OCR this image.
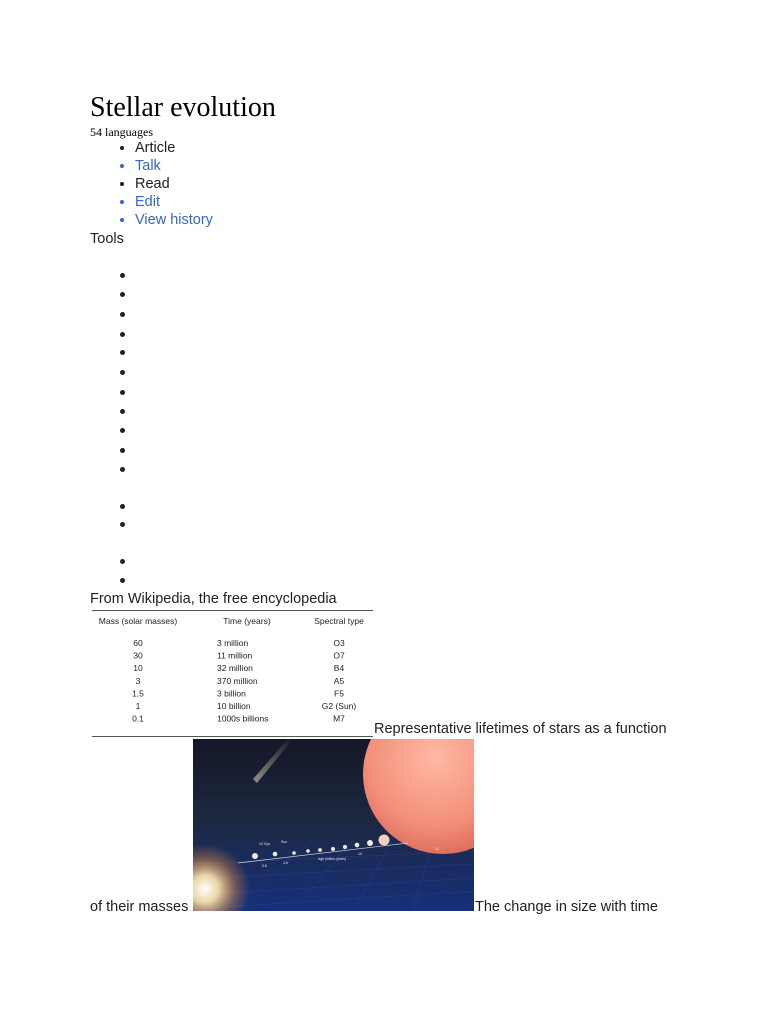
Stellar evolution
54 languages
• Article
• Talk
• Read
• Edit
• View history
Tools
From Wikipedia, the free encyclopedia
Mass (solar masses)	Time (years)	Spectral type
60	3 million	O3
30	11 million	O7
10	32 million	B4
3	370 million	A5
1.5	3 billion	F5
1	10 billion	G2 (Sun)
0.1	1000s billions	M7
Representative lifetimes of stars as a function
10 Gyo	Sun
Age (billion years)
5.6
4.6
10
12
of their masses	The change in size with time
